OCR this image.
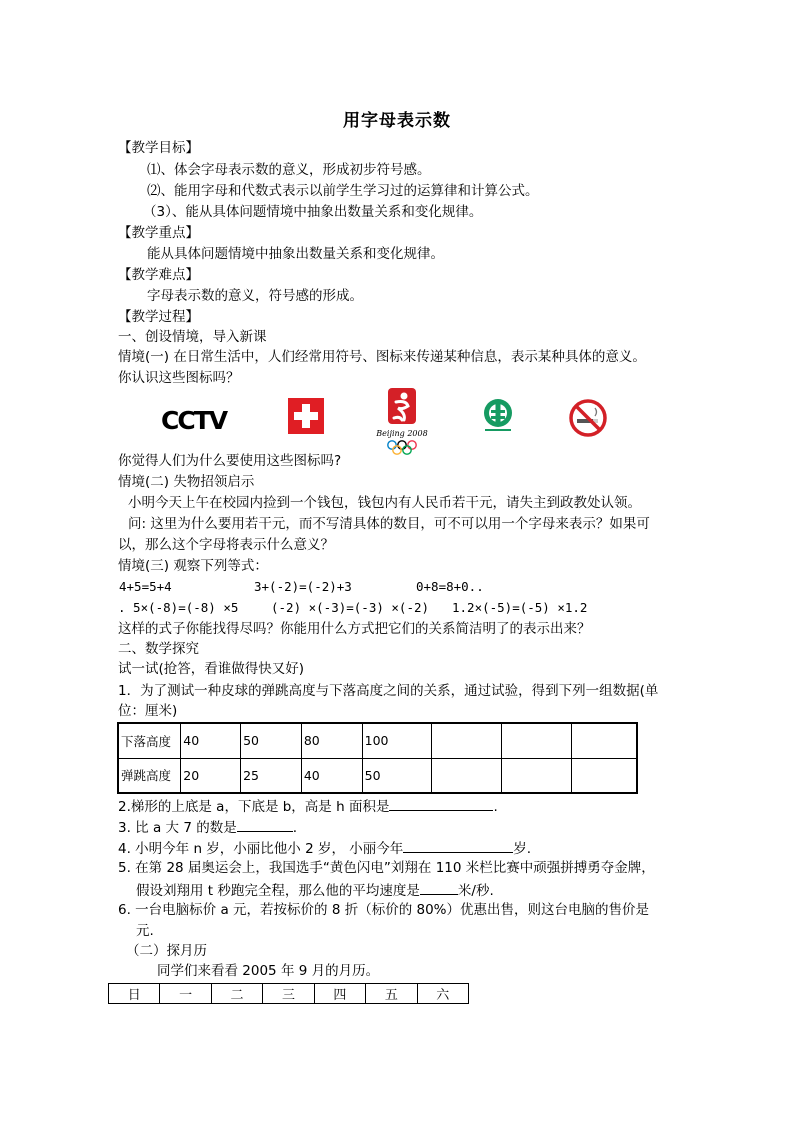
用字母表示数
【教学目标】
⑴、体会字母表示数的意义，形成初步符号感。
⑵、能用字母和代数式表示以前学生学习过的运算律和计算公式。
（3）、能从具体问题情境中抽象出数量关系和变化规律。
【教学重点】
能从具体问题情境中抽象出数量关系和变化规律。
【教学难点】
字母表示数的意义，符号感的形成。
【教学过程】
一、创设情境，导入新课
情境(一) 在日常生活中，人们经常用符号、图标来传递某种信息，表示某种具体的意义。
你认识这些图标吗？
CCTV	Beijing 2008
你觉得人们为什么要使用这些图标吗?
情境(二) 失物招领启示
小明今天上午在校园内捡到一个钱包，钱包内有人民币若干元，请失主到政教处认领。
问: 这里为什么要用若干元，而不写清具体的数目，可不可以用一个字母来表示？如果可
以，那么这个字母将表示什么意义？
情境(三) 观察下列等式：
4+5=5+4	3+(-2)=(-2)+3	0+8=8+0..
. 5×(-8)=(-8) ×5	(-2) ×(-3)=(-3) ×(-2) 1.2×(-5)=(-5) ×1.2
这样的式子你能找得尽吗？你能用什么方式把它们的关系简洁明了的表示出来？
二、数学探究
试一试(抢答，看谁做得快又好)
1．为了测试一种皮球的弹跳高度与下落高度之间的关系，通过试验，得到下列一组数据(单
位：厘米)
下落高度	40	50	80	100			
弹跳高度	20	25	40	50			
2.梯形的上底是 a，下底是 b，高是 h 面积是	.
3. 比 a 大 7 的数是	.
4. 小明今年 n 岁，小丽比他小 2 岁， 小丽今年	岁.
5. 在第 28 届奥运会上，我国选手“黄色闪电”刘翔在 110 米栏比赛中顽强拼搏勇夺金牌，
假设刘翔用 t 秒跑完全程，那么他的平均速度是	米/秒.
6. 一台电脑标价 a 元，若按标价的 8 折（标价的 80%）优惠出售，则这台电脑的售价是
元.
（二）探月历
同学们来看看 2005 年 9 月的月历。
日	一	二	三	四	五	六
